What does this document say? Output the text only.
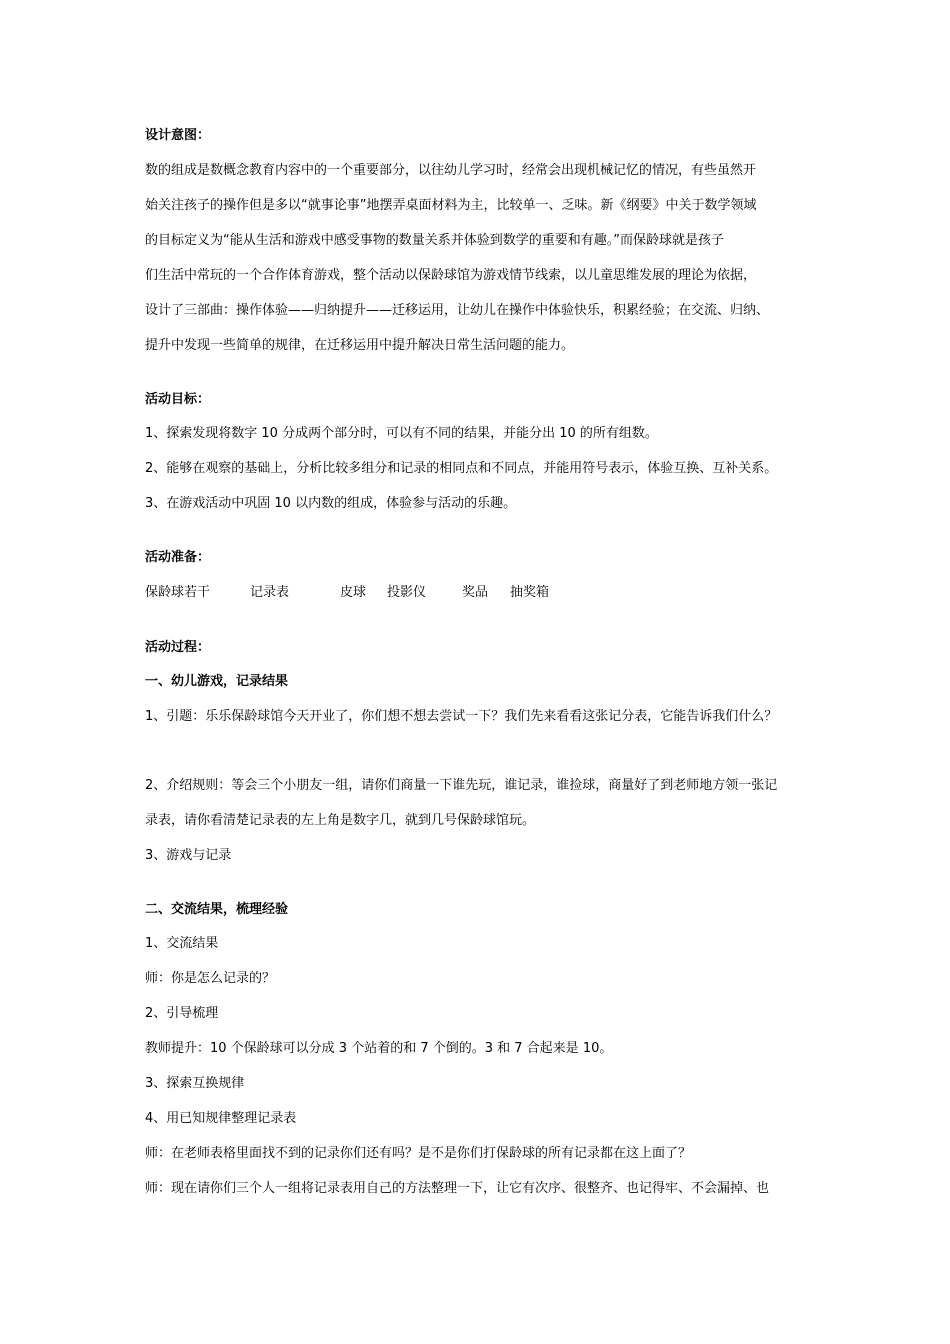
设计意图：
数的组成是数概念教育内容中的一个重要部分，以往幼儿学习时，经常会出现机械记忆的情况，有些虽然开
始关注孩子的操作但是多以“就事论事”地摆弄桌面材料为主，比较单一、乏味。新《纲要》中关于数学领域
的目标定义为“能从生活和游戏中感受事物的数量关系并体验到数学的重要和有趣。”而保龄球就是孩子
们生活中常玩的一个合作体育游戏，整个活动以保龄球馆为游戏情节线索，以儿童思维发展的理论为依据，
设计了三部曲：操作体验——归纳提升——迁移运用，让幼儿在操作中体验快乐，积累经验；在交流、归纳、
提升中发现一些简单的规律，在迁移运用中提升解决日常生活问题的能力。
活动目标：
1、探索发现将数字 10 分成两个部分时，可以有不同的结果，并能分出 10 的所有组数。
2、能够在观察的基础上，分析比较多组分和记录的相同点和不同点，并能用符号表示，体验互换、互补关系。
3、在游戏活动中巩固 10 以内数的组成，体验参与活动的乐趣。
活动准备：
保龄球若干	记录表	皮球 投影仪	奖品 抽奖箱
活动过程：
一、幼儿游戏，记录结果
1、引题：乐乐保龄球馆今天开业了，你们想不想去尝试一下？我们先来看看这张记分表，它能告诉我们什么？
2、介绍规则：等会三个小朋友一组，请你们商量一下谁先玩，谁记录，谁捡球，商量好了到老师地方领一张记
录表，请你看清楚记录表的左上角是数字几，就到几号保龄球馆玩。
3、游戏与记录
二、交流结果，梳理经验
1、交流结果
师：你是怎么记录的？
2、引导梳理
教师提升：10 个保龄球可以分成 3 个站着的和 7 个倒的。3 和 7 合起来是 10。
3、探索互换规律
4、用已知规律整理记录表
师：在老师表格里面找不到的记录你们还有吗？是不是你们打保龄球的所有记录都在这上面了？
师：现在请你们三个人一组将记录表用自己的方法整理一下，让它有次序、很整齐、也记得牢、不会漏掉、也
